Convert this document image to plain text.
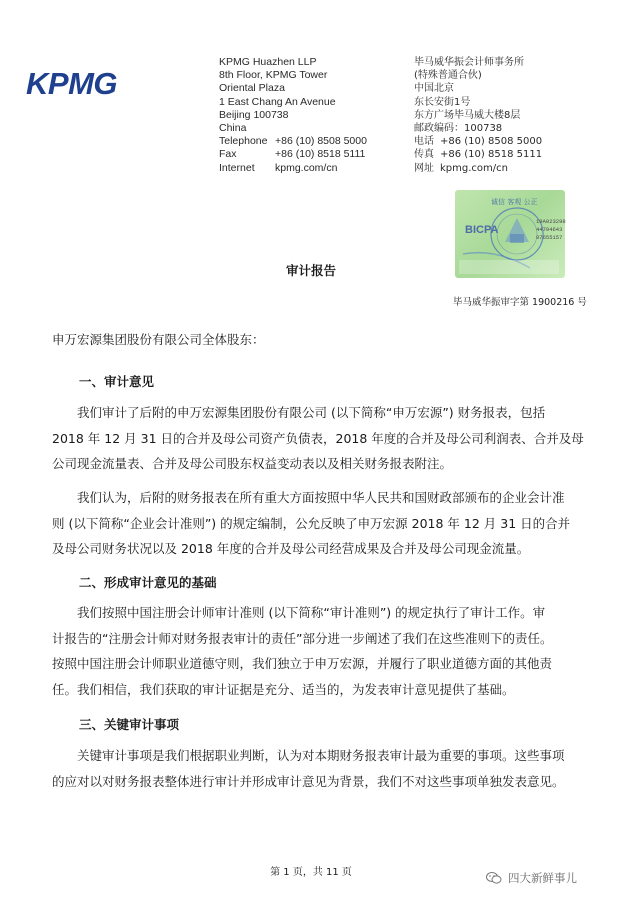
KPMG
KPMG Huazhen LLP
8th Floor, KPMG Tower
Oriental Plaza
1 East Chang An Avenue
Beijing 100738
China
Telephone +86 (10) 8508 5000
Fax	+86 (10) 8518 5111
Internet	kpmg.com/cn
毕马威华振会计师事务所
(特殊普通合伙)
中国北京
东长安街1号
东方广场毕马威大楼8层
邮政编码：100738
电话 +86 (10) 8508 5000
传真 +86 (10) 8518 5111
网址 kpmg.com/cn
诚信 客观 公正
BICPA
19A023298
44794643
97655157
毕马威华振审字第 1900216 号
审计报告
申万宏源集团股份有限公司全体股东：
一、审计意见
　　我们审计了后附的申万宏源集团股份有限公司 (以下简称“申万宏源”) 财务报表，包括
2018 年 12 月 31 日的合并及母公司资产负债表，2018 年度的合并及母公司利润表、合并及母
公司现金流量表、合并及母公司股东权益变动表以及相关财务报表附注。
　　我们认为，后附的财务报表在所有重大方面按照中华人民共和国财政部颁布的企业会计准
则 (以下简称“企业会计准则”) 的规定编制，公允反映了申万宏源 2018 年 12 月 31 日的合并
及母公司财务状况以及 2018 年度的合并及母公司经营成果及合并及母公司现金流量。
二、形成审计意见的基础
　　我们按照中国注册会计师审计准则 (以下简称“审计准则”) 的规定执行了审计工作。审
计报告的“注册会计师对财务报表审计的责任”部分进一步阐述了我们在这些准则下的责任。
按照中国注册会计师职业道德守则，我们独立于申万宏源，并履行了职业道德方面的其他责
任。我们相信，我们获取的审计证据是充分、适当的，为发表审计意见提供了基础。
三、关键审计事项
　　关键审计事项是我们根据职业判断，认为对本期财务报表审计最为重要的事项。这些事项
的应对以对财务报表整体进行审计并形成审计意见为背景，我们不对这些事项单独发表意见。
第 1 页，共 11 页	四大新鲜事儿
